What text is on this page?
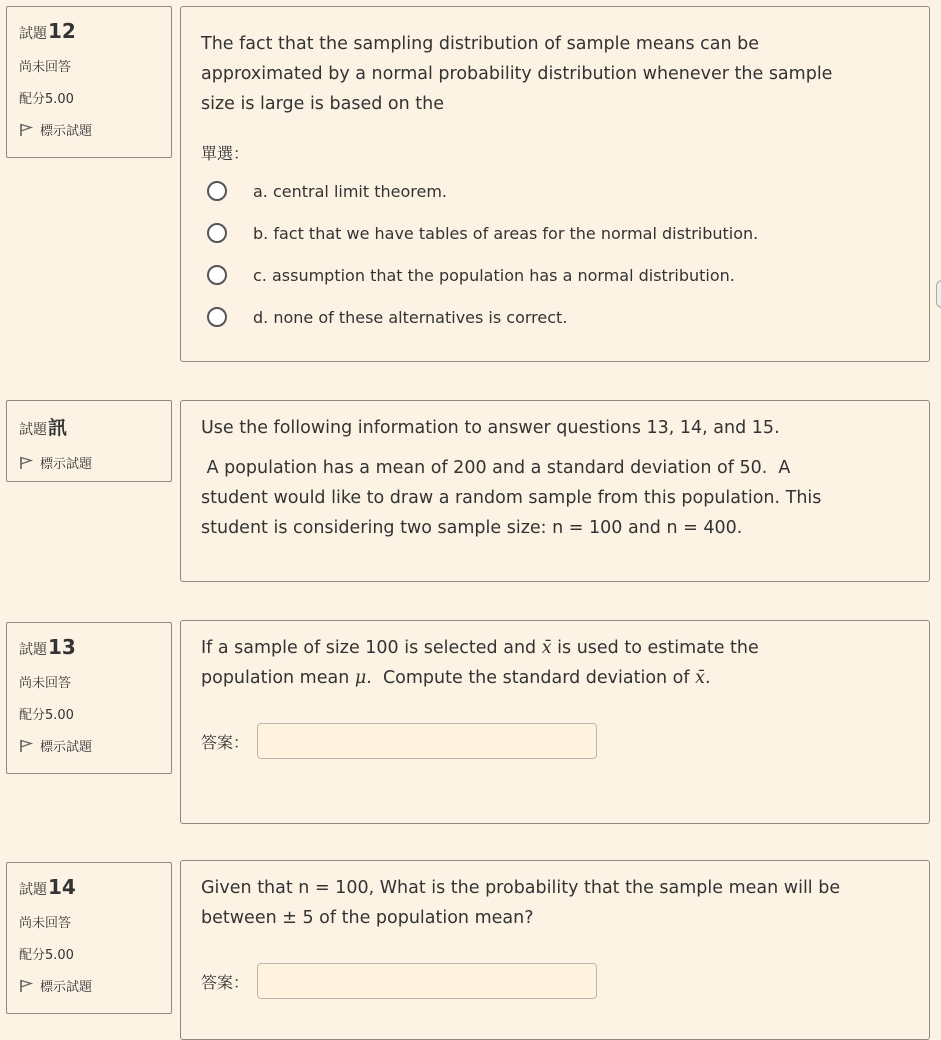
試題12
尚未回答
配分5.00
標示試題
The fact that the sampling distribution of sample means can be
approximated by a normal probability distribution whenever the sample
size is large is based on the
單選：
a. central limit theorem.
b. fact that we have tables of areas for the normal distribution.
c. assumption that the population has a normal distribution.
d. none of these alternatives is correct.
試題訊
標示試題
Use the following information to answer questions 13, 14, and 15.
A population has a mean of 200 and a standard deviation of 50.  A
student would like to draw a random sample from this population. This
student is considering two sample size: n = 100 and n = 400.
試題13
尚未回答
配分5.00
標示試題
If a sample of size 100 is selected and x̄ is used to estimate the
population mean μ.  Compute the standard deviation of x̄.
答案：
試題14
尚未回答
配分5.00
標示試題
Given that n = 100, What is the probability that the sample mean will be
between ± 5 of the population mean?
答案：
